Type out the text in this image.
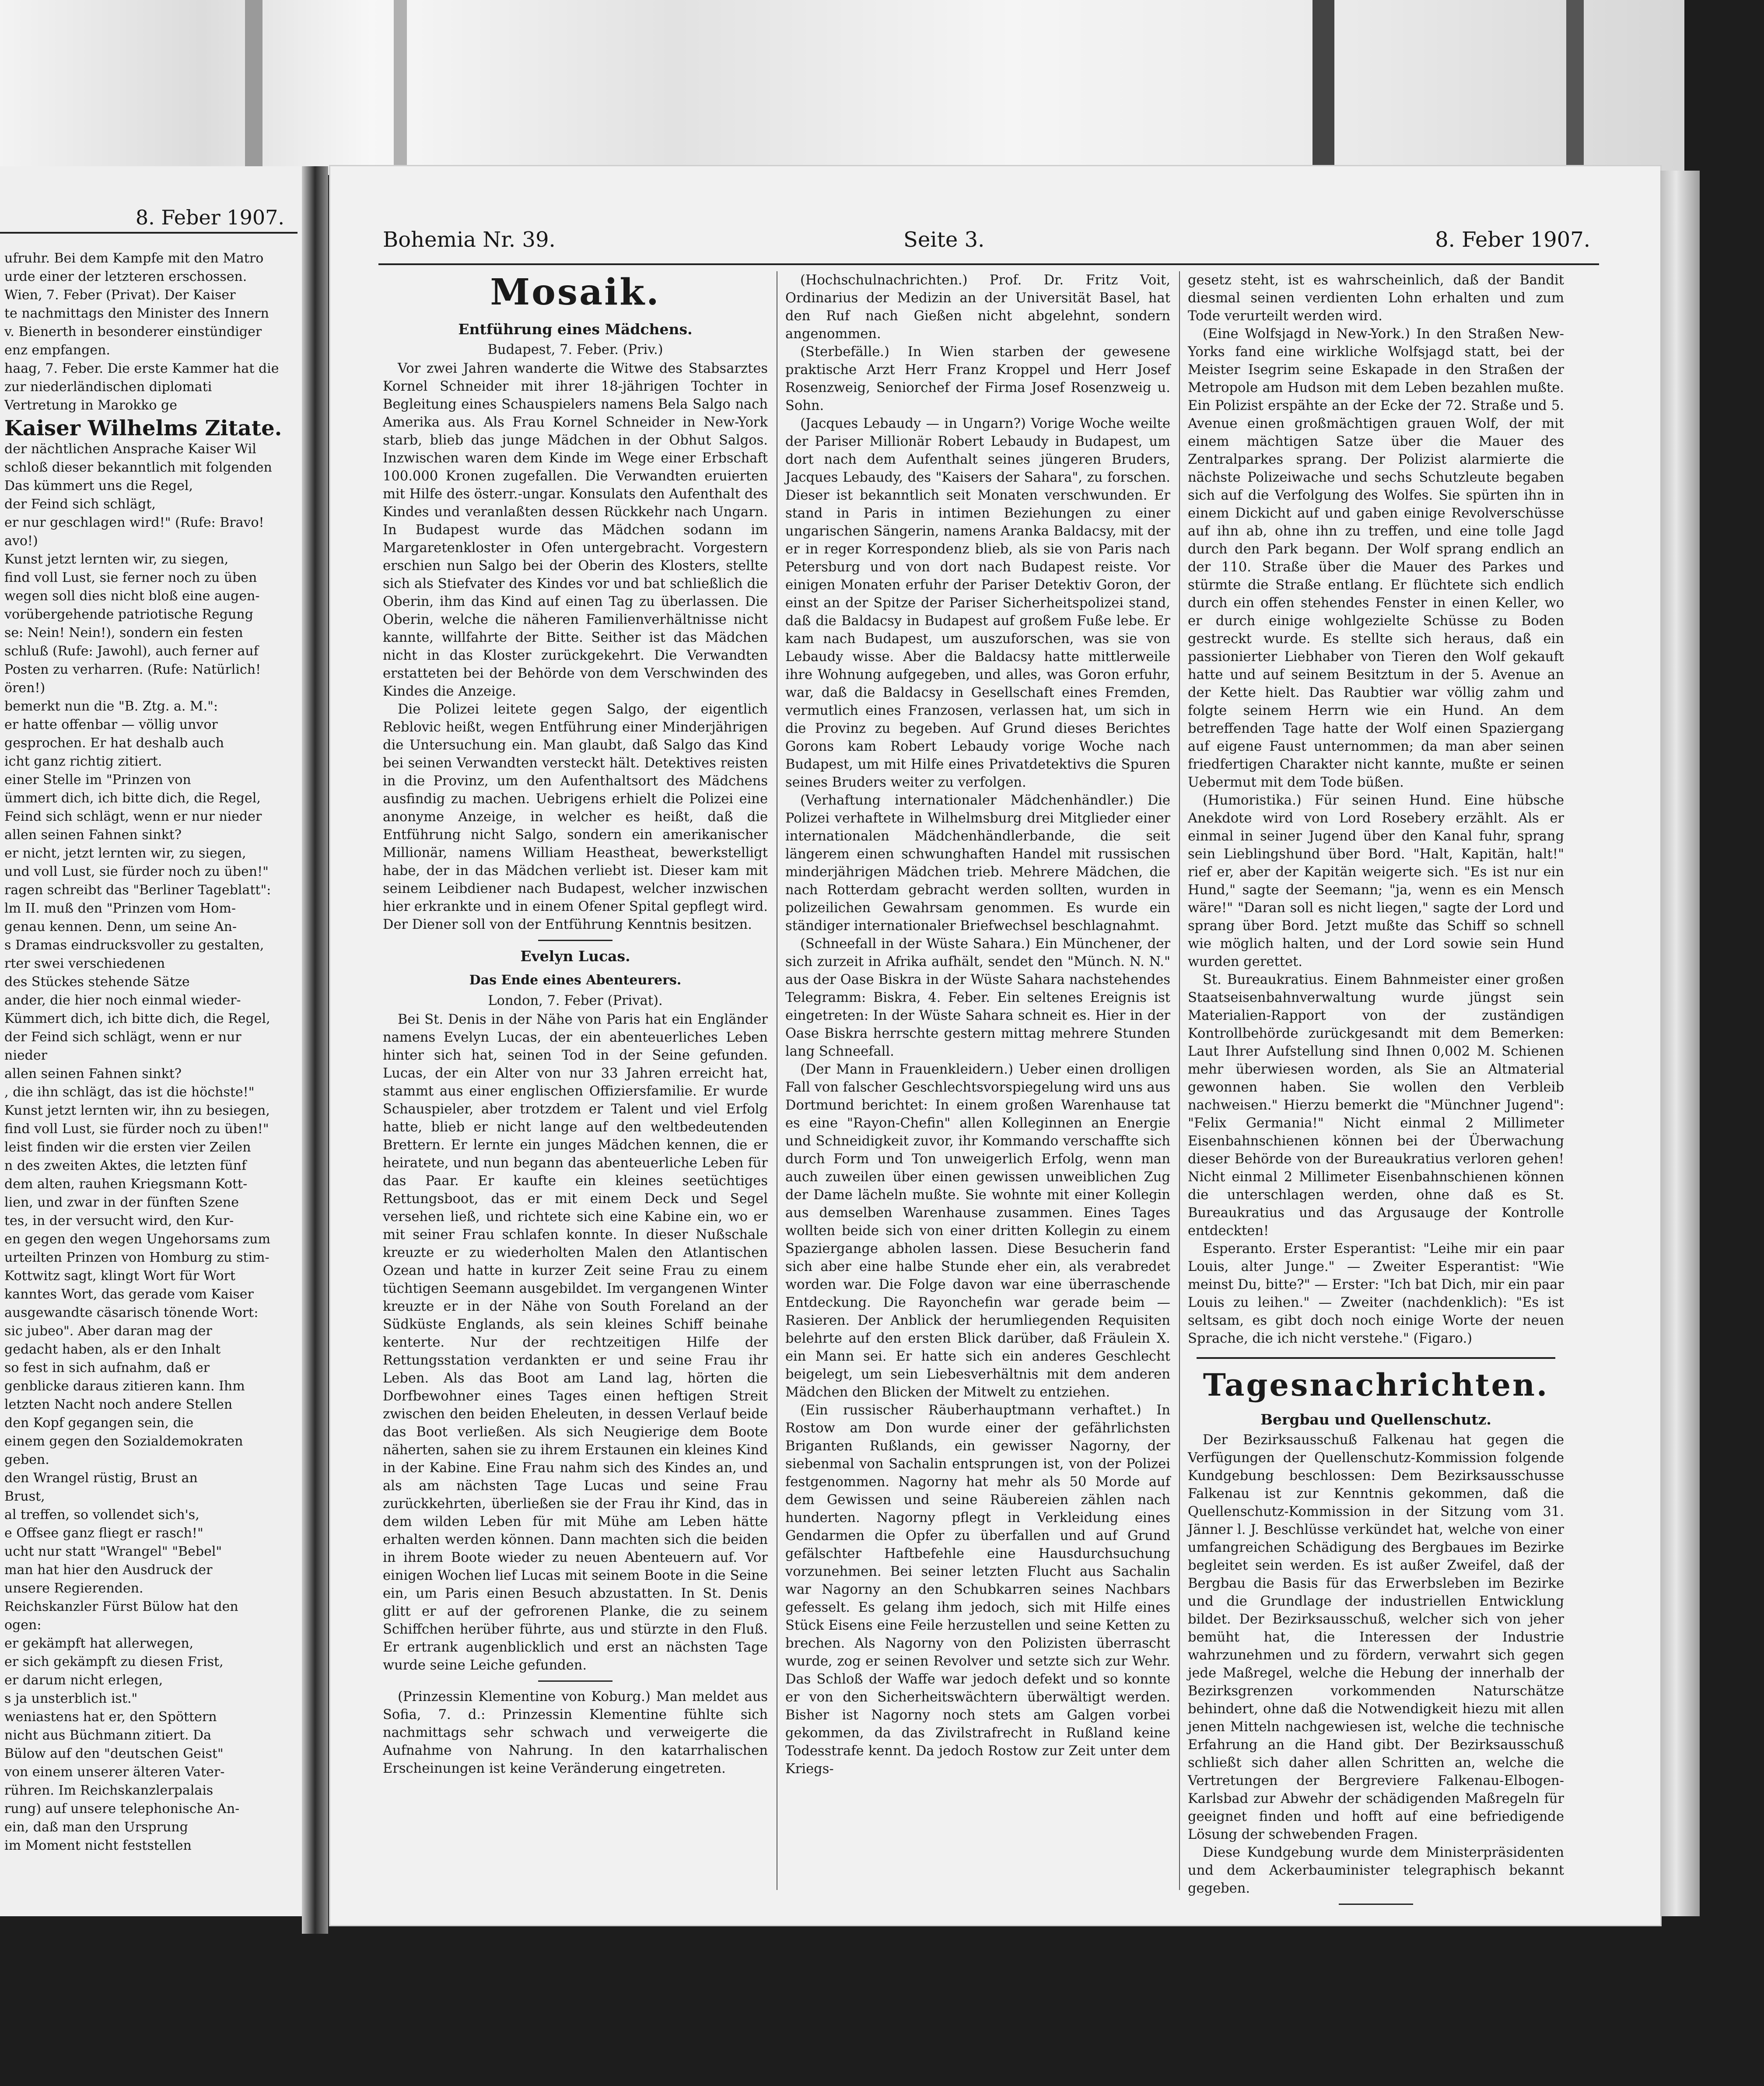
8. Feber 1907.
ufruhr. Bei dem Kampfe mit den Matro
urde einer der letzteren erschossen.
Wien, 7. Feber (Privat). Der Kaiser
te nachmittags den Minister des Innern
v. Bienerth in besonderer einstündiger
enz empfangen.
haag, 7. Feber. Die erste Kammer hat die
zur niederländischen diplomati
Vertretung in Marokko ge
Kaiser Wilhelms Zitate.
der nächtlichen Ansprache Kaiser Wil
schloß dieser bekanntlich mit folgenden
Das kümmert uns die Regel,
der Feind sich schlägt,
er nur geschlagen wird!" (Rufe: Bravo!
avo!)
Kunst jetzt lernten wir, zu siegen,
find voll Lust, sie ferner noch zu üben
wegen soll dies nicht bloß eine augen-
vorübergehende patriotische Regung
se: Nein! Nein!), sondern ein festen
schluß (Rufe: Jawohl), auch ferner auf
Posten zu verharren. (Rufe: Natürlich!
ören!)
bemerkt nun die "B. Ztg. a. M.":
er hatte offenbar — völlig unvor
gesprochen. Er hat deshalb auch
icht ganz richtig zitiert.
einer Stelle im "Prinzen von
ümmert dich, ich bitte dich, die Regel,
Feind sich schlägt, wenn er nur nieder
allen seinen Fahnen sinkt?
er nicht, jetzt lernten wir, zu siegen,
und voll Lust, sie fürder noch zu üben!"
ragen schreibt das "Berliner Tageblatt":
lm II. muß den "Prinzen vom Hom-
genau kennen. Denn, um seine An-
s Dramas eindrucksvoller zu gestalten,
rter swei verschiedenen
des Stückes stehende Sätze
ander, die hier noch einmal wieder-
Kümmert dich, ich bitte dich, die Regel,
der Feind sich schlägt, wenn er nur
nieder
allen seinen Fahnen sinkt?
, die ihn schlägt, das ist die höchste!"
Kunst jetzt lernten wir, ihn zu besiegen,
find voll Lust, sie fürder noch zu üben!"
leist finden wir die ersten vier Zeilen
n des zweiten Aktes, die letzten fünf
dem alten, rauhen Kriegsmann Kott-
lien, und zwar in der fünften Szene
tes, in der versucht wird, den Kur-
en gegen den wegen Ungehorsams zum
urteilten Prinzen von Homburg zu stim-
Kottwitz sagt, klingt Wort für Wort
kanntes Wort, das gerade vom Kaiser
ausgewandte cäsarisch tönende Wort:
sic jubeo". Aber daran mag der
gedacht haben, als er den Inhalt
so fest in sich aufnahm, daß er
genblicke daraus zitieren kann. Ihm
letzten Nacht noch andere Stellen
den Kopf gegangen sein, die
einem gegen den Sozialdemokraten
geben.
den Wrangel rüstig, Brust an
Brust,
al treffen, so vollendet sich's,
e Offsee ganz fliegt er rasch!"
ucht nur statt "Wrangel" "Bebel"
man hat hier den Ausdruck der
unsere Regierenden.
Reichskanzler Fürst Bülow hat den
ogen:
er gekämpft hat allerwegen,
er sich gekämpft zu diesen Frist,
er darum nicht erlegen,
s ja unsterblich ist."
weniastens hat er, den Spöttern
nicht aus Büchmann zitiert. Da
Bülow auf den "deutschen Geist"
von einem unserer älteren Vater-
rühren. Im Reichskanzlerpalais
rung) auf unsere telephonische An-
ein, daß man den Ursprung
im Moment nicht feststellen
Bohemia Nr. 39.	Seite 3.	8. Feber 1907.
Mosaik.
Entführung eines Mädchens.

Budapest, 7. Feber. (Priv.)

Vor zwei Jahren wanderte die Witwe des Stabsarztes Kornel Schneider mit ihrer 18-jährigen Tochter in Begleitung eines Schauspielers namens Bela Salgo nach Amerika aus. Als Frau Kornel Schneider in New-York starb, blieb das junge Mädchen in der Obhut Salgos. Inzwischen waren dem Kinde im Wege einer Erbschaft 100.000 Kronen zugefallen. Die Verwandten eruierten mit Hilfe des österr.-ungar. Konsulats den Aufenthalt des Kindes und veranlaßten dessen Rückkehr nach Ungarn. In Budapest wurde das Mädchen sodann im Margaretenkloster in Ofen untergebracht. Vorgestern erschien nun Salgo bei der Oberin des Klosters, stellte sich als Stiefvater des Kindes vor und bat schließlich die Oberin, ihm das Kind auf einen Tag zu überlassen. Die Oberin, welche die näheren Familienverhältnisse nicht kannte, willfahrte der Bitte. Seither ist das Mädchen nicht in das Kloster zurückgekehrt. Die Verwandten erstatteten bei der Behörde von dem Verschwinden des Kindes die Anzeige.

Die Polizei leitete gegen Salgo, der eigentlich Reblovic heißt, wegen Entführung einer Minderjährigen die Untersuchung ein. Man glaubt, daß Salgo das Kind bei seinen Verwandten versteckt hält. Detektives reisten in die Provinz, um den Aufenthaltsort des Mädchens ausfindig zu machen. Uebrigens erhielt die Polizei eine anonyme Anzeige, in welcher es heißt, daß die Entführung nicht Salgo, sondern ein amerikanischer Millionär, namens William Heastheat, bewerkstelligt habe, der in das Mädchen verliebt ist. Dieser kam mit seinem Leibdiener nach Budapest, welcher inzwischen hier erkrankte und in einem Ofener Spital gepflegt wird. Der Diener soll von der Entführung Kenntnis besitzen.

Evelyn Lucas.
Das Ende eines Abenteurers.

London, 7. Feber (Privat).

Bei St. Denis in der Nähe von Paris hat ein Engländer namens Evelyn Lucas, der ein abenteuerliches Leben hinter sich hat, seinen Tod in der Seine gefunden. Lucas, der ein Alter von nur 33 Jahren erreicht hat, stammt aus einer englischen Offiziersfamilie. Er wurde Schauspieler, aber trotzdem er Talent und viel Erfolg hatte, blieb er nicht lange auf den weltbedeutenden Brettern. Er lernte ein junges Mädchen kennen, die er heiratete, und nun begann das abenteuerliche Leben für das Paar. Er kaufte ein kleines seetüchtiges Rettungsboot, das er mit einem Deck und Segel versehen ließ, und richtete sich eine Kabine ein, wo er mit seiner Frau schlafen konnte. In dieser Nußschale kreuzte er zu wiederholten Malen den Atlantischen Ozean und hatte in kurzer Zeit seine Frau zu einem tüchtigen Seemann ausgebildet. Im vergangenen Winter kreuzte er in der Nähe von South Foreland an der Südküste Englands, als sein kleines Schiff beinahe kenterte. Nur der rechtzeitigen Hilfe der Rettungsstation verdankten er und seine Frau ihr Leben. Als das Boot am Land lag, hörten die Dorfbewohner eines Tages einen heftigen Streit zwischen den beiden Eheleuten, in dessen Verlauf beide das Boot verließen. Als sich Neugierige dem Boote näherten, sahen sie zu ihrem Erstaunen ein kleines Kind in der Kabine. Eine Frau nahm sich des Kindes an, und als am nächsten Tage Lucas und seine Frau zurückkehrten, überließen sie der Frau ihr Kind, das in dem wilden Leben für mit Mühe am Leben hätte erhalten werden können. Dann machten sich die beiden in ihrem Boote wieder zu neuen Abenteuern auf. Vor einigen Wochen lief Lucas mit seinem Boote in die Seine ein, um Paris einen Besuch abzustatten. In St. Denis glitt er auf der gefrorenen Planke, die zu seinem Schiffchen herüber führte, aus und stürzte in den Fluß. Er ertrank augenblicklich und erst an nächsten Tage wurde seine Leiche gefunden.

(Prinzessin Klementine von Koburg.) Man meldet aus Sofia, 7. d.: Prinzessin Klementine fühlte sich nachmittags sehr schwach und verweigerte die Aufnahme von Nahrung. In den katarrhalischen Erscheinungen ist keine Veränderung eingetreten.

(Hochschulnachrichten.) Prof. Dr. Fritz Voit, Ordinarius der Medizin an der Universität Basel, hat den Ruf nach Gießen nicht abgelehnt, sondern angenommen.

(Sterbefälle.) In Wien starben der gewesene praktische Arzt Herr Franz Kroppel und Herr Josef Rosenzweig, Seniorchef der Firma Josef Rosenzweig u. Sohn.

(Jacques Lebaudy — in Ungarn?) Vorige Woche weilte der Pariser Millionär Robert Lebaudy in Budapest, um dort nach dem Aufenthalt seines jüngeren Bruders, Jacques Lebaudy, des "Kaisers der Sahara", zu forschen. Dieser ist bekanntlich seit Monaten verschwunden. Er stand in Paris in intimen Beziehungen zu einer ungarischen Sängerin, namens Aranka Baldacsy, mit der er in reger Korrespondenz blieb, als sie von Paris nach Petersburg und von dort nach Budapest reiste. Vor einigen Monaten erfuhr der Pariser Detektiv Goron, der einst an der Spitze der Pariser Sicherheitspolizei stand, daß die Baldacsy in Budapest auf großem Fuße lebe. Er kam nach Budapest, um auszuforschen, was sie von Lebaudy wisse. Aber die Baldacsy hatte mittlerweile ihre Wohnung aufgegeben, und alles, was Goron erfuhr, war, daß die Baldacsy in Gesellschaft eines Fremden, vermutlich eines Franzosen, verlassen hat, um sich in die Provinz zu begeben. Auf Grund dieses Berichtes Gorons kam Robert Lebaudy vorige Woche nach Budapest, um mit Hilfe eines Privatdetektivs die Spuren seines Bruders weiter zu verfolgen.

(Verhaftung internationaler Mädchenhändler.) Die Polizei verhaftete in Wilhelmsburg drei Mitglieder einer internationalen Mädchenhändlerbande, die seit längerem einen schwunghaften Handel mit russischen minderjährigen Mädchen trieb. Mehrere Mädchen, die nach Rotterdam gebracht werden sollten, wurden in polizeilichen Gewahrsam genommen. Es wurde ein ständiger internationaler Briefwechsel beschlagnahmt.

(Schneefall in der Wüste Sahara.) Ein Münchener, der sich zurzeit in Afrika aufhält, sendet den "Münch. N. N." aus der Oase Biskra in der Wüste Sahara nachstehendes Telegramm: Biskra, 4. Feber. Ein seltenes Ereignis ist eingetreten: In der Wüste Sahara schneit es. Hier in der Oase Biskra herrschte gestern mittag mehrere Stunden lang Schneefall.

(Der Mann in Frauenkleidern.) Ueber einen drolligen Fall von falscher Geschlechtsvorspiegelung wird uns aus Dortmund berichtet: In einem großen Warenhause tat es eine "Rayon-Chefin" allen Kolleginnen an Energie und Schneidigkeit zuvor, ihr Kommando verschaffte sich durch Form und Ton unweigerlich Erfolg, wenn man auch zuweilen über einen gewissen unweiblichen Zug der Dame lächeln mußte. Sie wohnte mit einer Kollegin aus demselben Warenhause zusammen. Eines Tages wollten beide sich von einer dritten Kollegin zu einem Spaziergange abholen lassen. Diese Besucherin fand sich aber eine halbe Stunde eher ein, als verabredet worden war. Die Folge davon war eine überraschende Entdeckung. Die Rayonchefin war gerade beim — Rasieren. Der Anblick der herumliegenden Requisiten belehrte auf den ersten Blick darüber, daß Fräulein X. ein Mann sei. Er hatte sich ein anderes Geschlecht beigelegt, um sein Liebesverhältnis mit dem anderen Mädchen den Blicken der Mitwelt zu entziehen.

(Ein russischer Räuberhauptmann verhaftet.) In Rostow am Don wurde einer der gefährlichsten Briganten Rußlands, ein gewisser Nagorny, der siebenmal von Sachalin entsprungen ist, von der Polizei festgenommen. Nagorny hat mehr als 50 Morde auf dem Gewissen und seine Räubereien zählen nach hunderten. Nagorny pflegt in Verkleidung eines Gendarmen die Opfer zu überfallen und auf Grund gefälschter Haftbefehle eine Hausdurchsuchung vorzunehmen. Bei seiner letzten Flucht aus Sachalin war Nagorny an den Schubkarren seines Nachbars gefesselt. Es gelang ihm jedoch, sich mit Hilfe eines Stück Eisens eine Feile herzustellen und seine Ketten zu brechen. Als Nagorny von den Polizisten überrascht wurde, zog er seinen Revolver und setzte sich zur Wehr. Das Schloß der Waffe war jedoch defekt und so konnte er von den Sicherheitswächtern überwältigt werden. Bisher ist Nagorny noch stets am Galgen vorbei gekommen, da das Zivilstrafrecht in Rußland keine Todesstrafe kennt. Da jedoch Rostow zur Zeit unter dem Kriegs-

gesetz steht, ist es wahrscheinlich, daß der Bandit diesmal seinen verdienten Lohn erhalten und zum Tode verurteilt werden wird.

(Eine Wolfsjagd in New-York.) In den Straßen New-Yorks fand eine wirkliche Wolfsjagd statt, bei der Meister Isegrim seine Eskapade in den Straßen der Metropole am Hudson mit dem Leben bezahlen mußte. Ein Polizist erspähte an der Ecke der 72. Straße und 5. Avenue einen großmächtigen grauen Wolf, der mit einem mächtigen Satze über die Mauer des Zentralparkes sprang. Der Polizist alarmierte die nächste Polizeiwache und sechs Schutzleute begaben sich auf die Verfolgung des Wolfes. Sie spürten ihn in einem Dickicht auf und gaben einige Revolverschüsse auf ihn ab, ohne ihn zu treffen, und eine tolle Jagd durch den Park begann. Der Wolf sprang endlich an der 110. Straße über die Mauer des Parkes und stürmte die Straße entlang. Er flüchtete sich endlich durch ein offen stehendes Fenster in einen Keller, wo er durch einige wohlgezielte Schüsse zu Boden gestreckt wurde. Es stellte sich heraus, daß ein passionierter Liebhaber von Tieren den Wolf gekauft hatte und auf seinem Besitztum in der 5. Avenue an der Kette hielt. Das Raubtier war völlig zahm und folgte seinem Herrn wie ein Hund. An dem betreffenden Tage hatte der Wolf einen Spaziergang auf eigene Faust unternommen; da man aber seinen friedfertigen Charakter nicht kannte, mußte er seinen Uebermut mit dem Tode büßen.

(Humoristika.) Für seinen Hund. Eine hübsche Anekdote wird von Lord Rosebery erzählt. Als er einmal in seiner Jugend über den Kanal fuhr, sprang sein Lieblingshund über Bord. "Halt, Kapitän, halt!" rief er, aber der Kapitän weigerte sich. "Es ist nur ein Hund," sagte der Seemann; "ja, wenn es ein Mensch wäre!" "Daran soll es nicht liegen," sagte der Lord und sprang über Bord. Jetzt mußte das Schiff so schnell wie möglich halten, und der Lord sowie sein Hund wurden gerettet.

St. Bureaukratius. Einem Bahnmeister einer großen Staatseisenbahnverwaltung wurde jüngst sein Materialien-Rapport von der zuständigen Kontrollbehörde zurückgesandt mit dem Bemerken: Laut Ihrer Aufstellung sind Ihnen 0,002 M. Schienen mehr überwiesen worden, als Sie an Altmaterial gewonnen haben. Sie wollen den Verbleib nachweisen." Hierzu bemerkt die "Münchner Jugend": "Felix Germania!" Nicht einmal 2 Millimeter Eisenbahnschienen können bei der Überwachung dieser Behörde von der Bureaukratius verloren gehen! Nicht einmal 2 Millimeter Eisenbahnschienen können die unterschlagen werden, ohne daß es St. Bureaukratius und das Argusauge der Kontrolle entdeckten!

Esperanto. Erster Esperantist: "Leihe mir ein paar Louis, alter Junge." — Zweiter Esperantist: "Wie meinst Du, bitte?" — Erster: "Ich bat Dich, mir ein paar Louis zu leihen." — Zweiter (nachdenklich): "Es ist seltsam, es gibt doch noch einige Worte der neuen Sprache, die ich nicht verstehe." (Figaro.)

Tagesnachrichten.
Bergbau und Quellenschutz.

Der Bezirksausschuß Falkenau hat gegen die Verfügungen der Quellenschutz-Kommission folgende Kundgebung beschlossen: Dem Bezirksausschusse Falkenau ist zur Kenntnis gekommen, daß die Quellenschutz-Kommission in der Sitzung vom 31. Jänner l. J. Beschlüsse verkündet hat, welche von einer umfangreichen Schädigung des Bergbaues im Bezirke begleitet sein werden. Es ist außer Zweifel, daß der Bergbau die Basis für das Erwerbsleben im Bezirke und die Grundlage der industriellen Entwicklung bildet. Der Bezirksausschuß, welcher sich von jeher bemüht hat, die Interessen der Industrie wahrzunehmen und zu fördern, verwahrt sich gegen jede Maßregel, welche die Hebung der innerhalb der Bezirksgrenzen vorkommenden Naturschätze behindert, ohne daß die Notwendigkeit hiezu mit allen jenen Mitteln nachgewiesen ist, welche die technische Erfahrung an die Hand gibt. Der Bezirksausschuß schließt sich daher allen Schritten an, welche die Vertretungen der Bergreviere Falkenau-Elbogen-Karlsbad zur Abwehr der schädigenden Maßregeln für geeignet finden und hofft auf eine befriedigende Lösung der schwebenden Fragen.

Diese Kundgebung wurde dem Ministerpräsidenten und dem Ackerbauminister telegraphisch bekannt gegeben.
